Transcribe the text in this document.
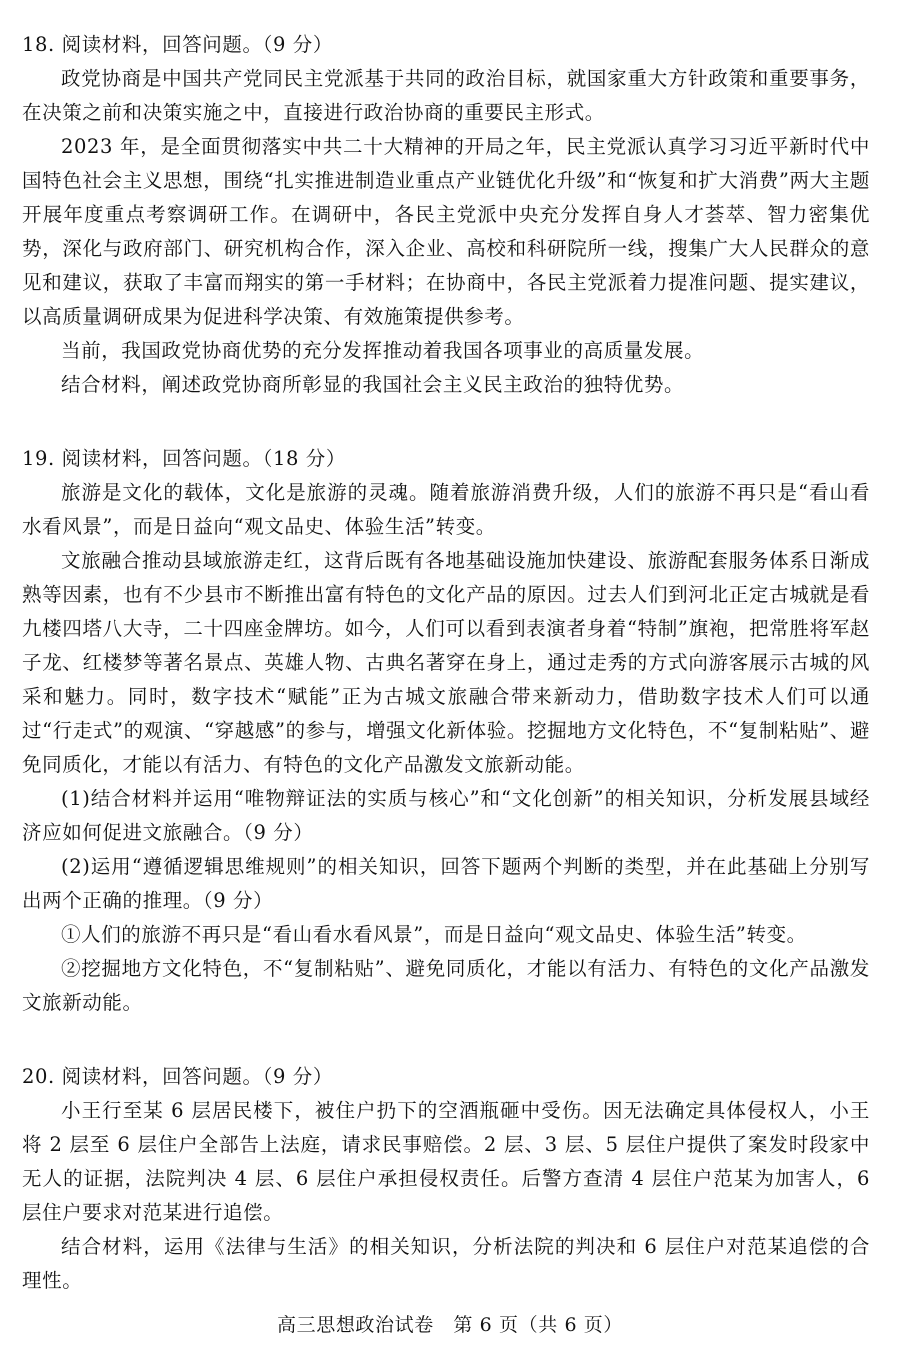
18. 阅读材料，回答问题。（9 分）

政党协商是中国共产党同民主党派基于共同的政治目标，就国家重大方针政策和重要事务，在决策之前和决策实施之中，直接进行政治协商的重要民主形式。

2023 年，是全面贯彻落实中共二十大精神的开局之年，民主党派认真学习习近平新时代中国特色社会主义思想，围绕“扎实推进制造业重点产业链优化升级”和“恢复和扩大消费”两大主题开展年度重点考察调研工作。在调研中，各民主党派中央充分发挥自身人才荟萃、智力密集优势，深化与政府部门、研究机构合作，深入企业、高校和科研院所一线，搜集广大人民群众的意见和建议，获取了丰富而翔实的第一手材料；在协商中，各民主党派着力提准问题、提实建议，以高质量调研成果为促进科学决策、有效施策提供参考。

当前，我国政党协商优势的充分发挥推动着我国各项事业的高质量发展。

结合材料，阐述政党协商所彰显的我国社会主义民主政治的独特优势。

19. 阅读材料，回答问题。（18 分）

旅游是文化的载体，文化是旅游的灵魂。随着旅游消费升级，人们的旅游不再只是“看山看水看风景”，而是日益向“观文品史、体验生活”转变。

文旅融合推动县域旅游走红，这背后既有各地基础设施加快建设、旅游配套服务体系日渐成熟等因素，也有不少县市不断推出富有特色的文化产品的原因。过去人们到河北正定古城就是看九楼四塔八大寺，二十四座金牌坊。如今，人们可以看到表演者身着“特制”旗袍，把常胜将军赵子龙、红楼梦等著名景点、英雄人物、古典名著穿在身上，通过走秀的方式向游客展示古城的风采和魅力。同时，数字技术“赋能”正为古城文旅融合带来新动力，借助数字技术人们可以通过“行走式”的观演、“穿越感”的参与，增强文化新体验。挖掘地方文化特色，不“复制粘贴”、避免同质化，才能以有活力、有特色的文化产品激发文旅新动能。

(1)结合材料并运用“唯物辩证法的实质与核心”和“文化创新”的相关知识，分析发展县域经济应如何促进文旅融合。（9 分）

(2)运用“遵循逻辑思维规则”的相关知识，回答下题两个判断的类型，并在此基础上分别写出两个正确的推理。（9 分）

①人们的旅游不再只是“看山看水看风景”，而是日益向“观文品史、体验生活”转变。

②挖掘地方文化特色，不“复制粘贴”、避免同质化，才能以有活力、有特色的文化产品激发文旅新动能。

20. 阅读材料，回答问题。（9 分）

小王行至某 6 层居民楼下，被住户扔下的空酒瓶砸中受伤。因无法确定具体侵权人，小王将 2 层至 6 层住户全部告上法庭，请求民事赔偿。2 层、3 层、5 层住户提供了案发时段家中无人的证据，法院判决 4 层、6 层住户承担侵权责任。后警方查清 4 层住户范某为加害人，6 层住户要求对范某进行追偿。

结合材料，运用《法律与生活》的相关知识，分析法院的判决和 6 层住户对范某追偿的合理性。

高三思想政治试卷　第 6 页（共 6 页）
